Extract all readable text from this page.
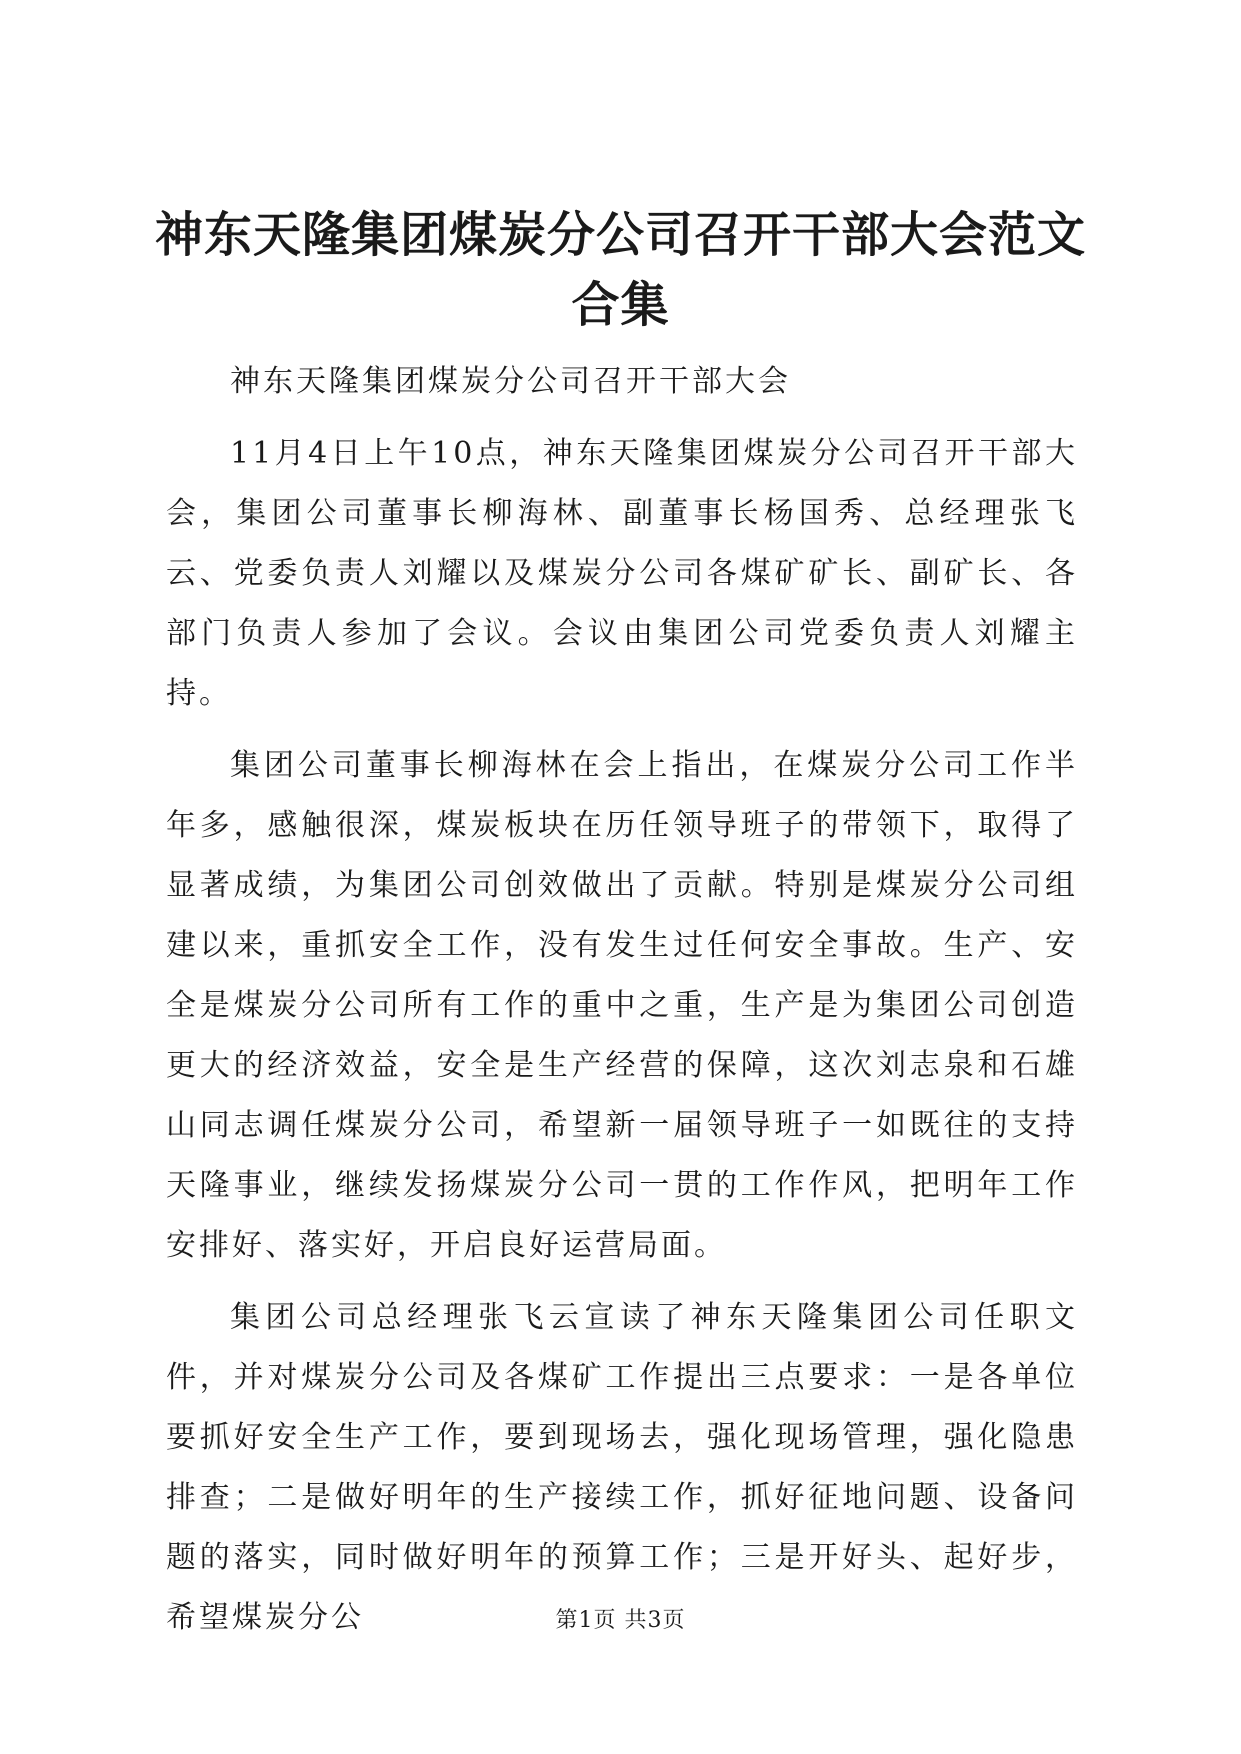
神东天隆集团煤炭分公司召开干部大会范文合集

神东天隆集团煤炭分公司召开干部大会

11月4日上午10点，神东天隆集团煤炭分公司召开干部大会，集团公司董事长柳海林、副董事长杨国秀、总经理张飞云、党委负责人刘耀以及煤炭分公司各煤矿矿长、副矿长、各部门负责人参加了会议。会议由集团公司党委负责人刘耀主持。

集团公司董事长柳海林在会上指出，在煤炭分公司工作半年多，感触很深，煤炭板块在历任领导班子的带领下，取得了显著成绩，为集团公司创效做出了贡献。特别是煤炭分公司组建以来，重抓安全工作，没有发生过任何安全事故。生产、安全是煤炭分公司所有工作的重中之重，生产是为集团公司创造更大的经济效益，安全是生产经营的保障，这次刘志泉和石雄山同志调任煤炭分公司，希望新一届领导班子一如既往的支持天隆事业，继续发扬煤炭分公司一贯的工作作风，把明年工作安排好、落实好，开启良好运营局面。

集团公司总经理张飞云宣读了神东天隆集团公司任职文件，并对煤炭分公司及各煤矿工作提出三点要求：一是各单位要抓好安全生产工作，要到现场去，强化现场管理，强化隐患排查；二是做好明年的生产接续工作，抓好征地问题、设备问题的落实，同时做好明年的预算工作；三是开好头、起好步，希望煤炭分公	第1页 共3页
